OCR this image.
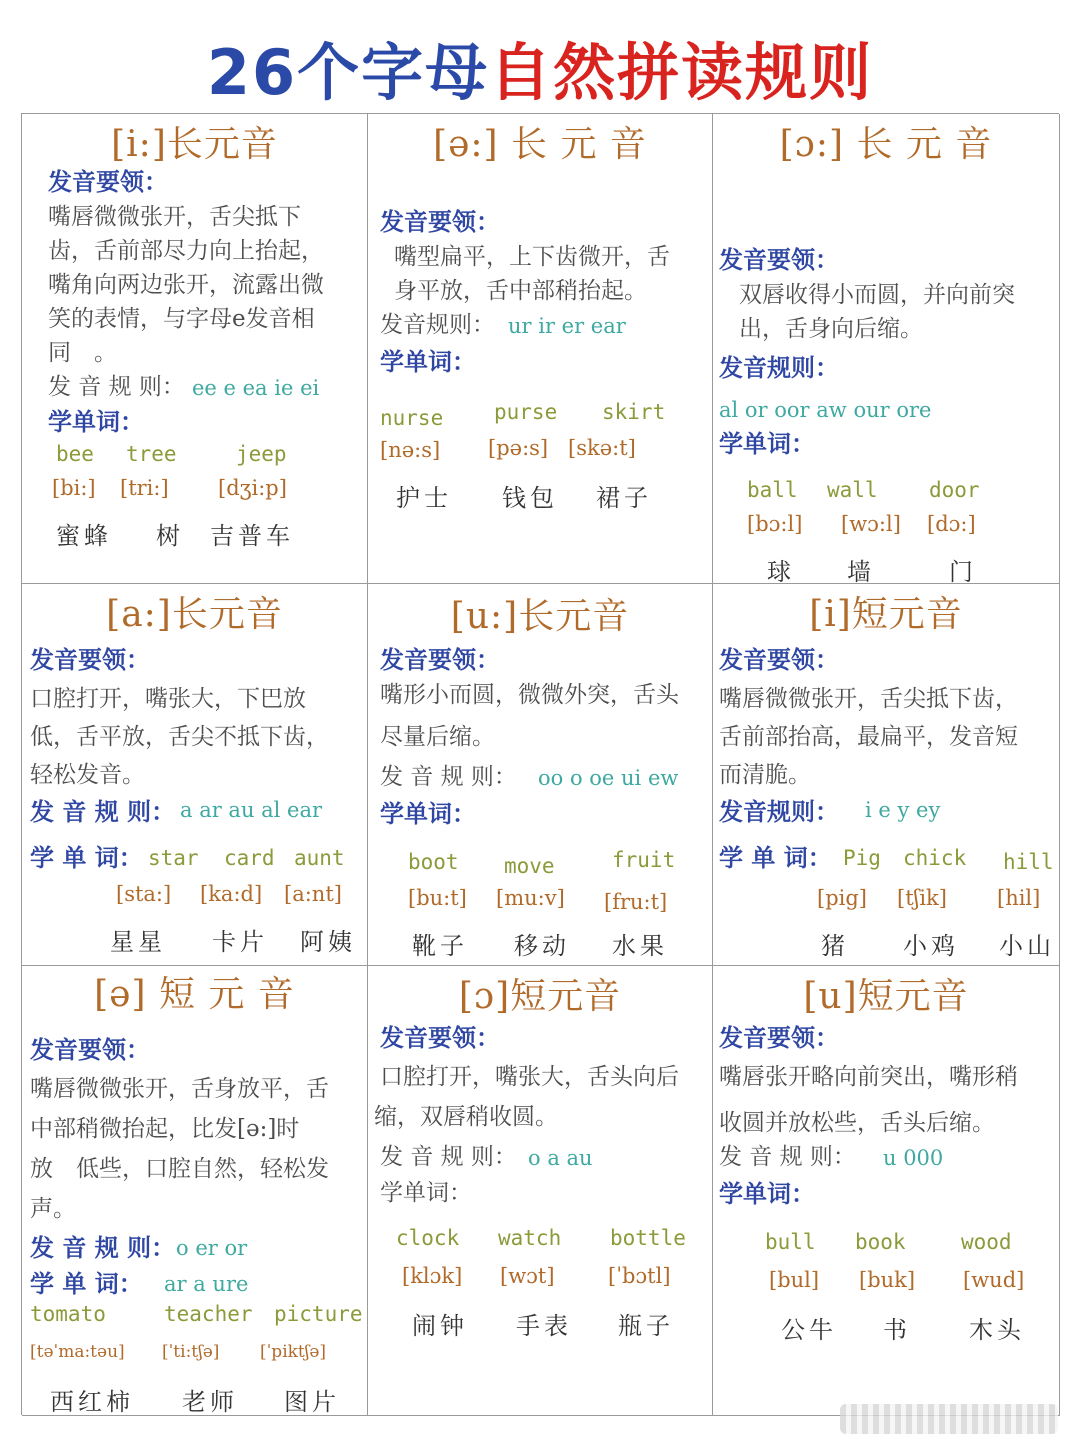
26个字母自然拼读规则
[i:]长元音
发音要领：
嘴唇微微张开，舌尖抵下
齿，舌前部尽力向上抬起，
嘴角向两边张开，流露出微
笑的表情，与字母e发音相
同　。
发 音 规 则： ee e ea ie ei
学单词：
bee tree	jeep
[bi:] [tri:] [dʒi:p]
蜜蜂 树 吉普车
[ə:] 长 元 音
发音要领：
嘴型扁平，上下齿微开，舌
身平放，舌中部稍抬起。
发音规则： ur ir er ear
学单词：
nurse purse skirt
[nə:s] [pə:s] [skə:t]
护士 钱包 裙子
[ɔ:] 长 元 音
发音要领：
双唇收得小而圆，并向前突
出，舌身向后缩。
发音规则：
al or oor aw our ore
学单词：
ball wall door
[bɔ:l] [wɔ:l] [dɔ:]
球 墙	门
[a:]长元音
发音要领：
口腔打开，嘴张大，下巴放
低，舌平放，舌尖不抵下齿，
轻松发音。
发 音 规 则： a ar au al ear
学 单 词： star card aunt
[sta:] [ka:d] [a:nt]
星星 卡片 阿姨
[u:]长元音
发音要领：
嘴形小而圆，微微外突，舌头
尽量后缩。
发 音 规 则： oo o oe ui ew
学单词：
boot move	fruit
[bu:t] [mu:v] [fru:t]
靴子 移动 水果
[i]短元音
发音要领：
嘴唇微微张开，舌尖抵下齿，
舌前部抬高，最扁平，发音短
而清脆。
发音规则： i e y ey
学 单 词： Pig chick hill
[pig] [tʃik] [hil]
猪 小鸡 小山
[ə] 短 元 音
发音要领：
嘴唇微微张开，舌身放平，舌
中部稍微抬起，比发[ə:]时
放　低些，口腔自然，轻松发
声。
发 音 规 则： o er or
学 单 词： ar a ure
tomato	teacher picture
[təˈma:təu] [ˈti:tʃə] [ˈpiktʃə]
西红柿 老师 图片
[ɔ]短元音
发音要领：
口腔打开，嘴张大，舌头向后
缩，双唇稍收圆。
发 音 规 则： o a au
学单词：
clock watch bottle
[klɔk] [wɔt]	[ˈbɔtl]
闹钟 手表 瓶子
[u]短元音
发音要领：
嘴唇张开略向前突出，嘴形稍
收圆并放松些，舌头后缩。
发 音 规 则： u 000
学单词：
bull book	wood
[bul] [buk] [wud]
公牛 书 木头
